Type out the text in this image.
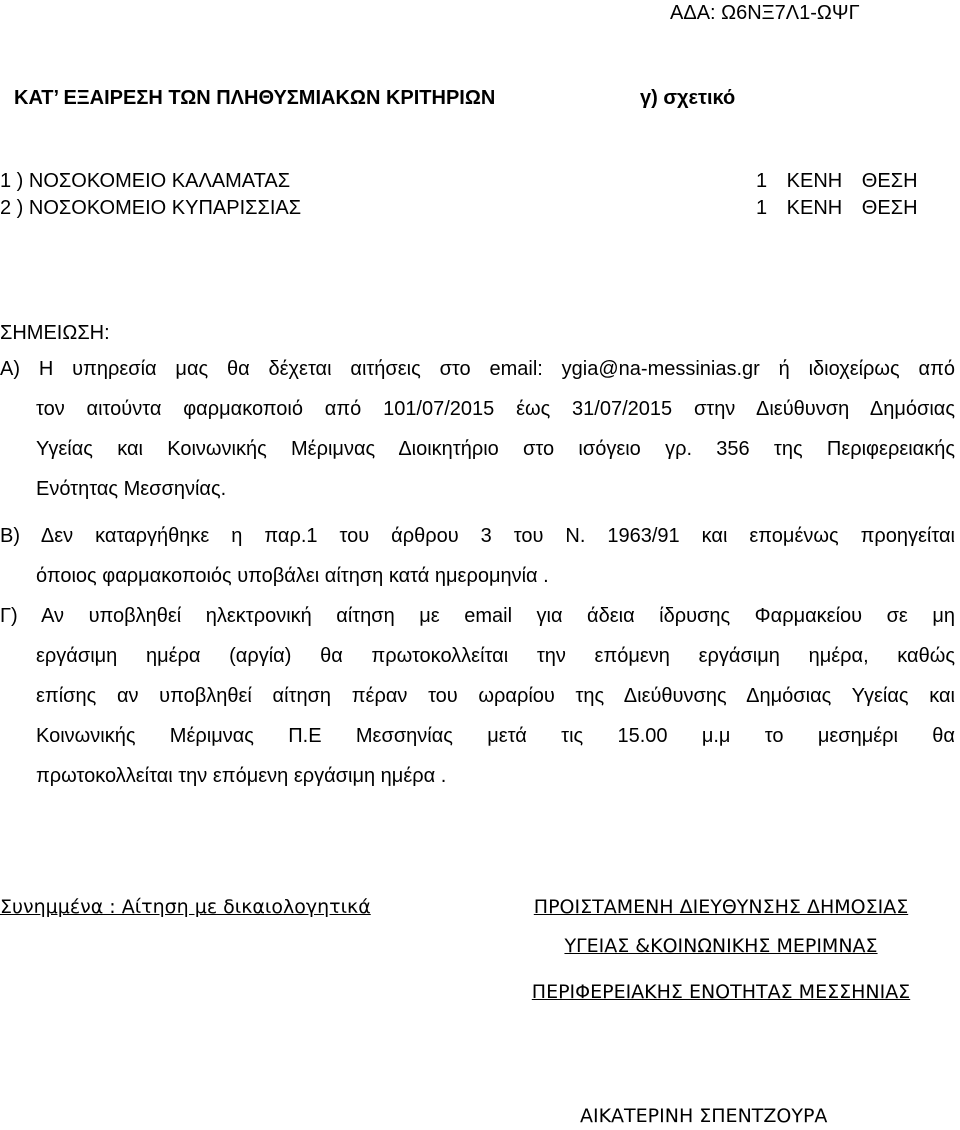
ΑΔΑ: Ω6ΝΞ7Λ1-ΩΨΓ
ΚΑΤ’ ΕΞΑΙΡΕΣΗ ΤΩΝ ΠΛΗΘΥΣΜΙΑΚΩΝ ΚΡΙΤΗΡΙΩΝ	γ) σχετικό
1 ) ΝΟΣΟΚΟΜΕΙΟ ΚΑΛΑΜΑΤΑΣ	1 ΚΕΝΗ ΘΕΣΗ
2 ) ΝΟΣΟΚΟΜΕΙΟ ΚΥΠΑΡΙΣΣΙΑΣ	1 ΚΕΝΗ ΘΕΣΗ
ΣΗΜΕΙΩΣΗ:
Α) Η υπηρεσία μας θα δέχεται αιτήσεις στο email: ygia@na-messinias.gr ή ιδιοχείρως από
τον αιτούντα φαρμακοποιό από 101/07/2015 έως 31/07/2015 στην Διεύθυνση Δημόσιας
Υγείας και Κοινωνικής Μέριμνας Διοικητήριο στο ισόγειο γρ. 356 της Περιφερειακής
Ενότητας Μεσσηνίας.
Β) Δεν καταργήθηκε η παρ.1 του άρθρου 3 του Ν. 1963/91 και επομένως προηγείται
όποιος φαρμακοποιός υποβάλει αίτηση κατά ημερομηνία .
Γ) Αν υποβληθεί ηλεκτρονική αίτηση με email για άδεια ίδρυσης Φαρμακείου σε μη
εργάσιμη ημέρα (αργία) θα πρωτοκολλείται την επόμενη εργάσιμη ημέρα, καθώς
επίσης αν υποβληθεί αίτηση πέραν του ωραρίου της Διεύθυνσης Δημόσιας Υγείας και
Κοινωνικής Μέριμνας Π.Ε Μεσσηνίας μετά τις 15.00 μ.μ το μεσημέρι θα
πρωτοκολλείται την επόμενη εργάσιμη ημέρα .
Συνημμένα : Αίτηση με δικαιολογητικά	ΠΡΟΙΣΤΑΜΕΝΗ ΔΙΕΥΘΥΝΣΗΣ ΔΗΜΟΣΙΑΣ
ΥΓΕΙΑΣ &ΚΟΙΝΩΝΙΚΗΣ ΜΕΡΙΜΝΑΣ
ΠΕΡΙΦΕΡΕΙΑΚΗΣ ΕΝΟΤΗΤΑΣ ΜΕΣΣΗΝΙΑΣ
ΑΙΚΑΤΕΡΙΝΗ ΣΠΕΝΤΖΟΥΡΑ
